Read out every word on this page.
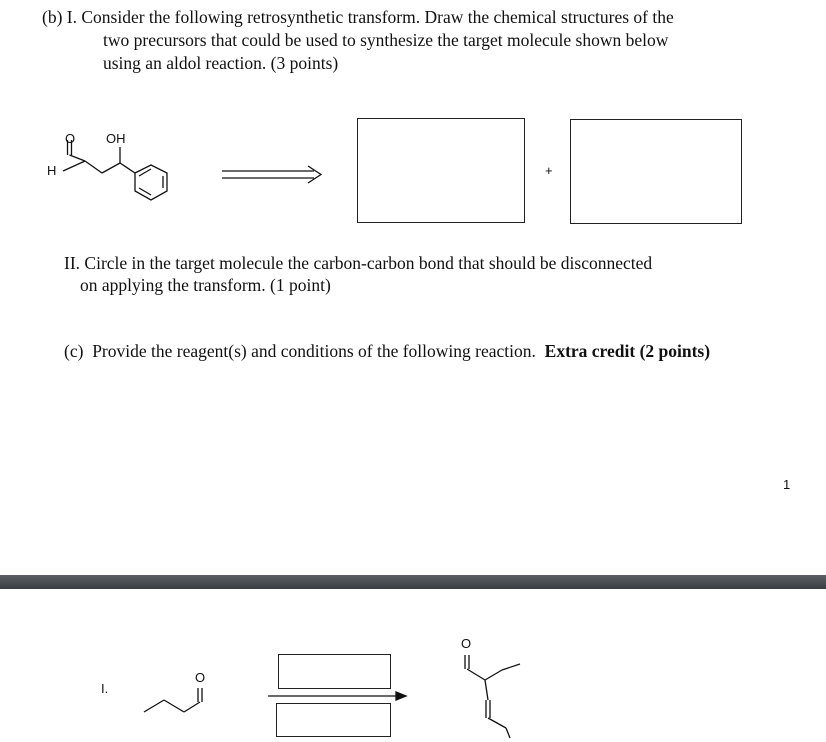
(b) I. Consider the following retrosynthetic transform. Draw the chemical structures of the
two precursors that could be used to synthesize the target molecule shown below
using an aldol reaction. (3 points)
O OH
H	+
II. Circle in the target molecule the carbon-carbon bond that should be disconnected
on applying the transform. (1 point)
(c) Provide the reagent(s) and conditions of the following reaction. Extra credit (2 points)
1
I.
O
O
